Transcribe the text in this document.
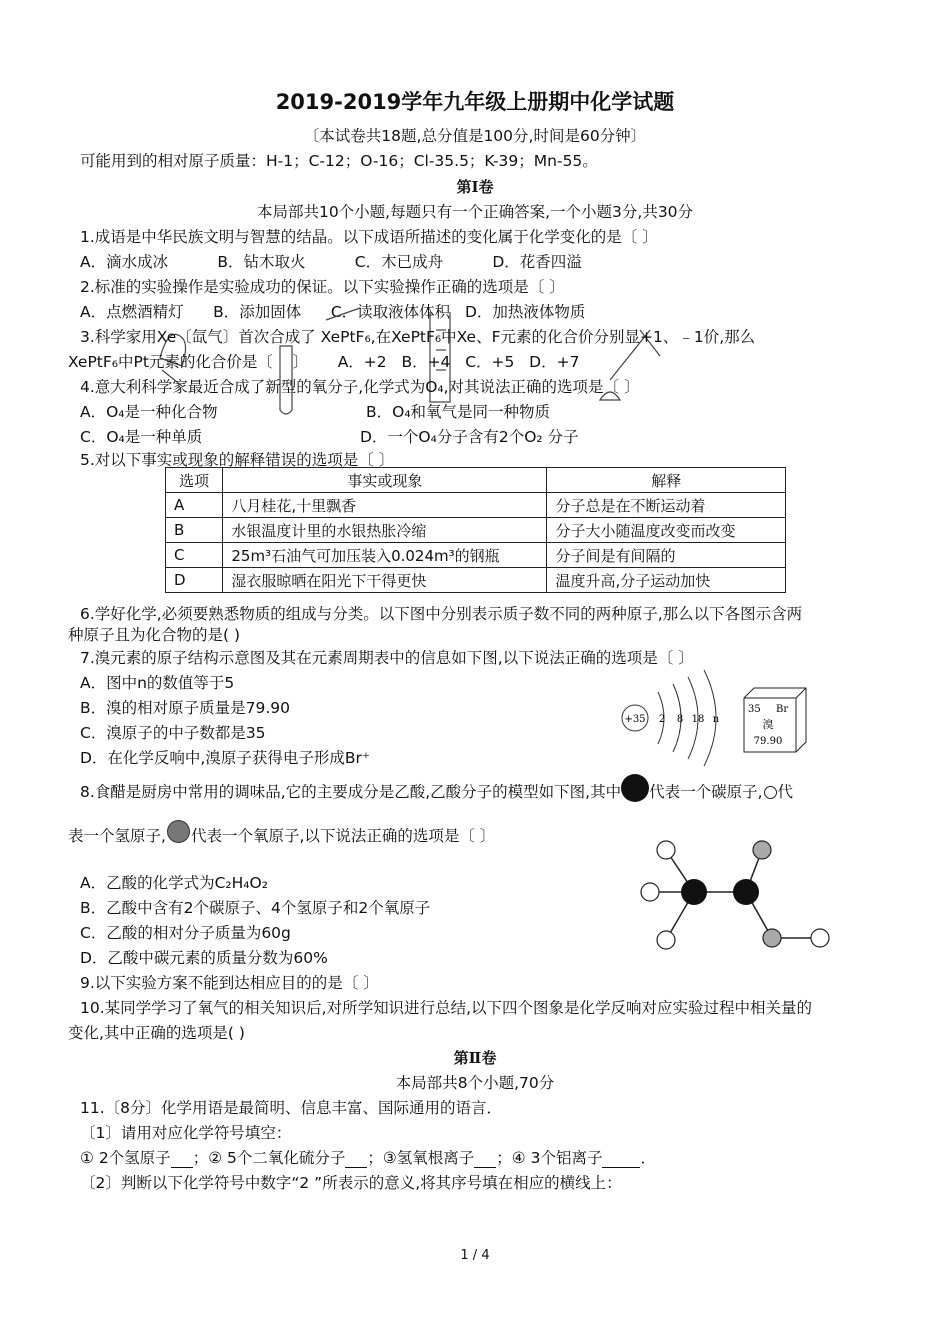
2019-2019学年九年级上册期中化学试题
〔本试卷共18题,总分值是100分,时间是60分钟〕
可能用到的相对原子质量：H-1；C-12；O-16；Cl-35.5；K-39；Mn-55。
第Ⅰ卷
本局部共10个小题,每题只有一个正确答案,一个小题3分,共30分
1.成语是中华民族文明与智慧的结晶。以下成语所描述的变化属于化学变化的是〔 〕
A．滴水成冰          B．钻木取火          C．木已成舟          D．花香四溢
2.标准的实验操作是实验成功的保证。以下实验操作正确的选项是〔 〕
A．点燃酒精灯      B．添加固体      C．读取液体体积   D．加热液体物质
3.科学家用Xe〔氙气〕首次合成了 XePtF₆,在XePtF₆中Xe、F元素的化合价分别显+1、﹣1价,那么
XePtF₆中Pt元素的化合价是〔    〕      A．+2   B．+4   C．+5   D．+7
4.意大利科学家最近合成了新型的氧分子,化学式为O₄,对其说法正确的选项是〔 〕
A．O₄是一种化合物	B．O₄和氧气是同一种物质
C．O₄是一种单质	D．一个O₄分子含有2个O₂ 分子
5.对以下事实或现象的解释错误的选项是〔 〕
选项	事实或现象	解释
A	八月桂花,十里飘香	分子总是在不断运动着
B	水银温度计里的水银热胀冷缩	分子大小随温度改变而改变
C	25m³石油气可加压装入0.024m³的钢瓶	分子间是有间隔的
D	湿衣服晾晒在阳光下干得更快	温度升高,分子运动加快
6.学好化学,必须要熟悉物质的组成与分类。以下图中分别表示质子数不同的两种原子,那么以下各图示含两
种原子且为化合物的是( )
7.溴元素的原子结构示意图及其在元素周期表中的信息如下图,以下说法正确的选项是〔 〕
A．图中n的数值等于5
B．溴的相对原子质量是79.90
C．溴原子的中子数都是35
D．在化学反响中,溴原子获得电子形成Br⁺
+35 2 8 18 n
35 Br
溴
79.90
8.食醋是厨房中常用的调味品,它的主要成分是乙酸,乙酸分子的模型如下图,其中 代表一个碳原子, 代
表一个氢原子, 代表一个氧原子,以下说法正确的选项是〔 〕
A．乙酸的化学式为C₂H₄O₂
B．乙酸中含有2个碳原子、4个氢原子和2个氧原子
C．乙酸的相对分子质量为60g
D．乙酸中碳元素的质量分数为60%
9.以下实验方案不能到达相应目的的是〔 〕
10.某同学学习了氧气的相关知识后,对所学知识进行总结,以下四个图象是化学反响对应实验过程中相关量的
变化,其中正确的选项是( )
第Ⅱ卷
本局部共8个小题,70分
11.〔8分〕化学用语是最简明、信息丰富、国际通用的语言．
〔1〕请用对应化学符号填空：
① 2个氢原子 ；② 5个二氧化硫分子 ；③氢氧根离子 ；④ 3个铝离子 ．
〔2〕判断以下化学符号中数字“2 ”所表示的意义,将其序号填在相应的横线上：
1 / 4
